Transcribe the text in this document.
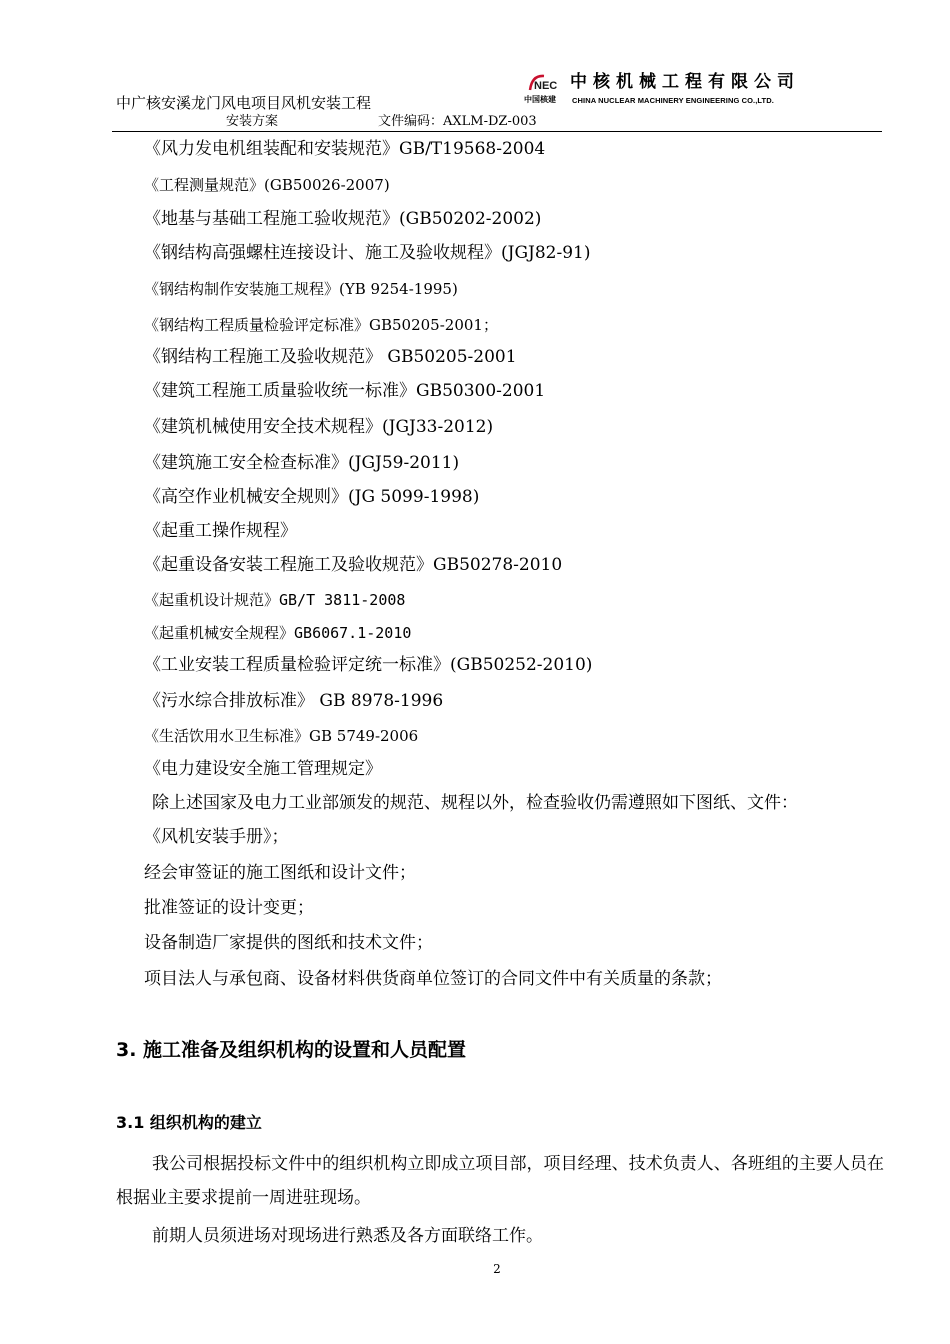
中广核安溪龙门风电项目风机安装工程
安装方案	文件编码：AXLM-DZ-003
NEC 中核机械工程有限公司
中国核建 CHINA NUCLEAR MACHINERY ENGINEERING CO.,LTD.
《风力发电机组装配和安装规范》GB/T19568-2004
《工程测量规范》(GB50026-2007)
《地基与基础工程施工验收规范》(GB50202-2002)
《钢结构高强螺柱连接设计、施工及验收规程》(JGJ82-91)
《钢结构制作安装施工规程》(YB 9254-1995)
《钢结构工程质量检验评定标准》GB50205-2001；
《钢结构工程施工及验收规范》 GB50205-2001
《建筑工程施工质量验收统一标准》GB50300-2001
《建筑机械使用安全技术规程》(JGJ33-2012)
《建筑施工安全检查标准》(JGJ59-2011)
《高空作业机械安全规则》(JG 5099-1998)
《起重工操作规程》
《起重设备安装工程施工及验收规范》GB50278-2010
《起重机设计规范》GB/T 3811-2008
《起重机械安全规程》GB6067.1-2010
《工业安装工程质量检验评定统一标准》(GB50252-2010)
《污水综合排放标准》 GB 8978-1996
《生活饮用水卫生标准》GB 5749-2006
《电力建设安全施工管理规定》
除上述国家及电力工业部颁发的规范、规程以外，检查验收仍需遵照如下图纸、文件：
《风机安装手册》；
经会审签证的施工图纸和设计文件；
批准签证的设计变更；
设备制造厂家提供的图纸和技术文件；
项目法人与承包商、设备材料供货商单位签订的合同文件中有关质量的条款；
3. 施工准备及组织机构的设置和人员配置
3.1 组织机构的建立

我公司根据投标文件中的组织机构立即成立项目部，项目经理、技术负责人、各班组的主要人员在根据业主要求提前一周进驻现场。

前期人员须进场对现场进行熟悉及各方面联络工作。

2
